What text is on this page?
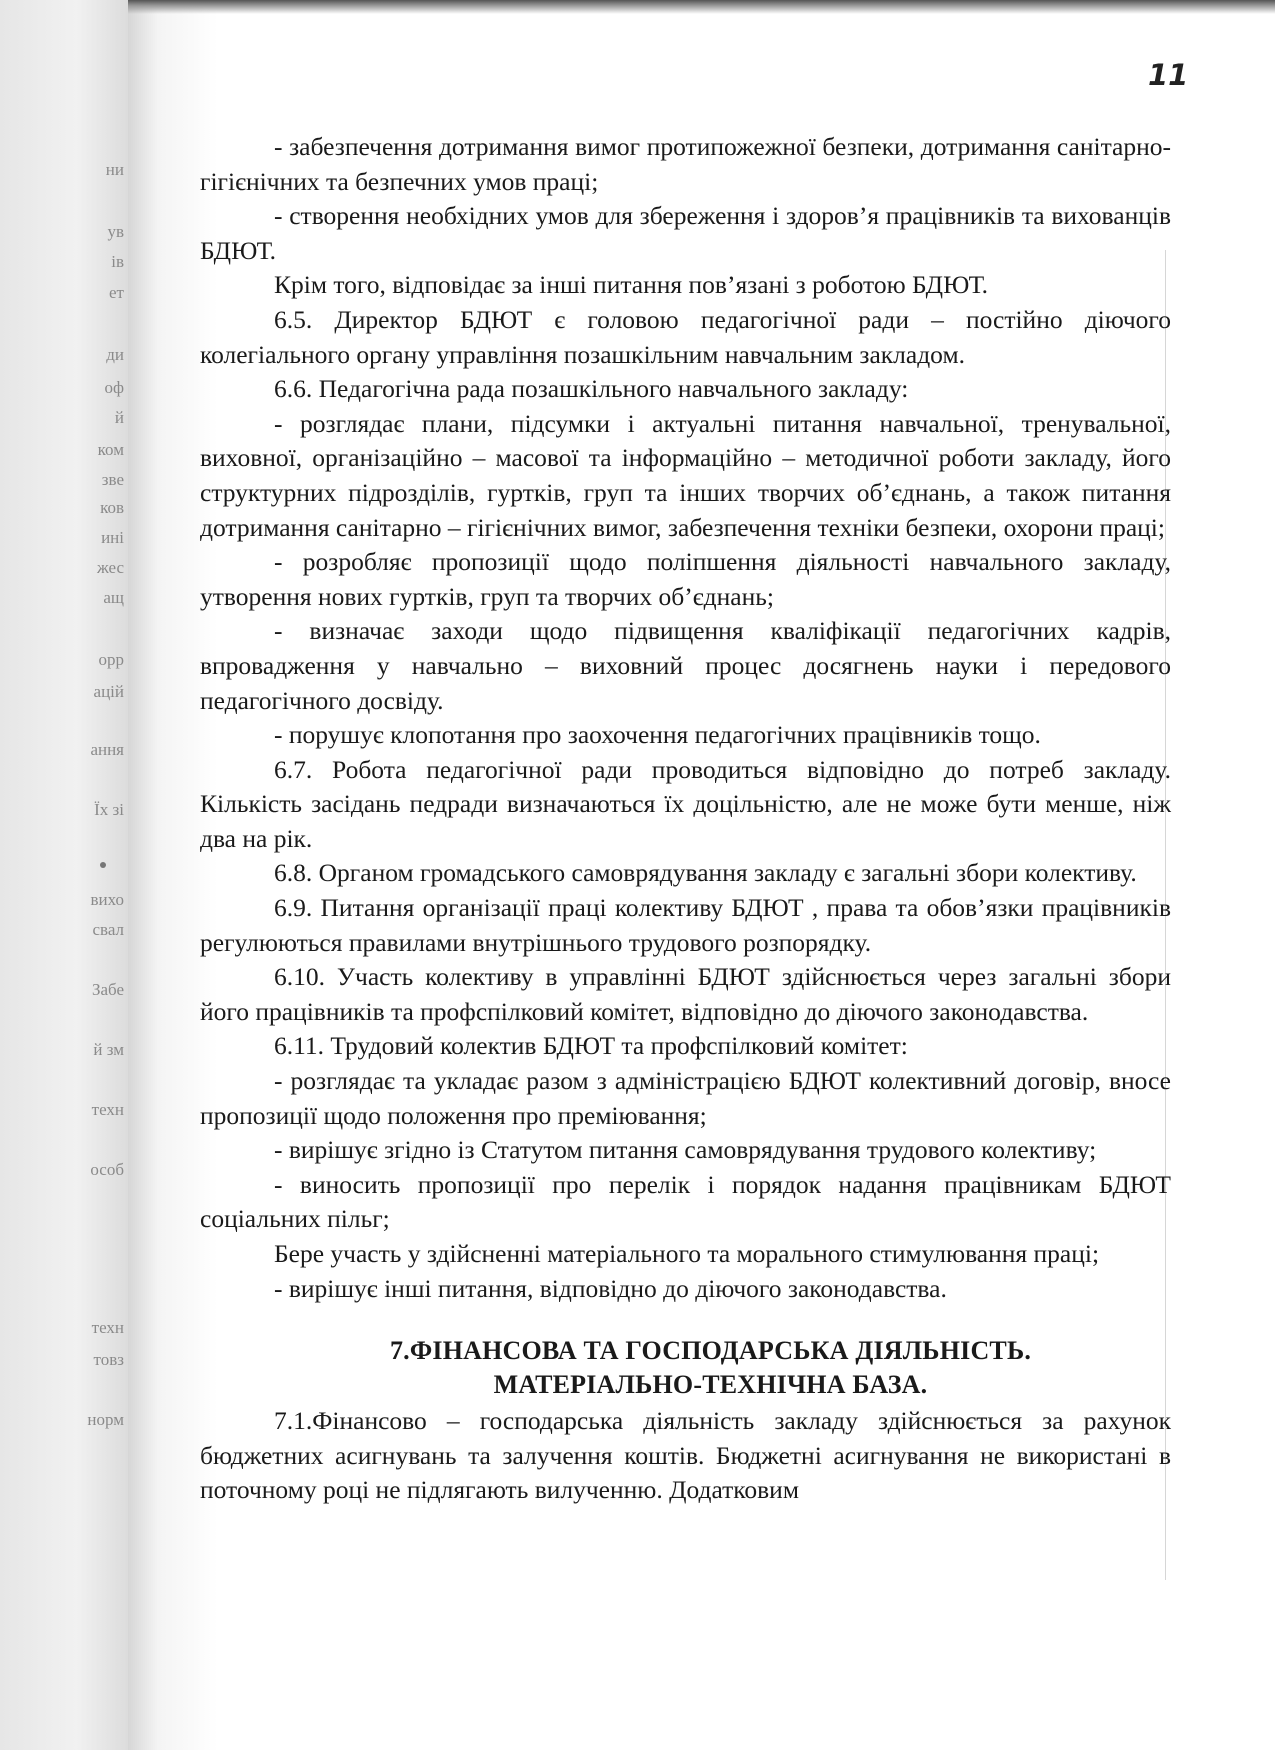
ни
ув
ів
ет
ди
оф
й
ком
зве
ков
ині
жес
ащ
орр
ацій
ання
Їх зі
вихо
свал
Забе
й зм
техн
особ
техн
товз
норм
11

- забезпечення дотримання вимог протипожежної безпеки, дотримання санітарно-гігієнічних та безпечних умов праці;

- створення необхідних умов для збереження і здоров’я працівників та вихованців БДЮТ.

Крім того, відповідає за інші питання пов’язані з роботою БДЮТ.

6.5. Директор БДЮТ є головою педагогічної ради – постійно діючого колегіального органу управління позашкільним навчальним закладом.

6.6. Педагогічна рада позашкільного навчального закладу:

- розглядає плани, підсумки і актуальні питання навчальної, тренувальної, виховної, організаційно – масової та інформаційно – методичної роботи закладу, його структурних підрозділів, гуртків, груп та інших творчих об’єднань, а також питання дотримання санітарно – гігієнічних вимог, забезпечення техніки безпеки, охорони праці;

- розробляє пропозиції щодо поліпшення діяльності навчального закладу, утворення нових гуртків, груп та творчих об’єднань;

- визначає заходи щодо підвищення кваліфікації педагогічних кадрів, впровадження у навчально – виховний процес досягнень науки і передового педагогічного досвіду.

- порушує клопотання про заохочення педагогічних працівників тощо.

6.7. Робота педагогічної ради проводиться відповідно до потреб закладу. Кількість засідань педради визначаються їх доцільністю, але не може бути менше, ніж два на рік.

6.8. Органом громадського самоврядування закладу є загальні збори колективу.

6.9. Питання організації праці колективу БДЮТ , права та обов’язки працівників регулюються правилами внутрішнього трудового розпорядку.

6.10. Участь колективу в управлінні БДЮТ здійснюється через загальні збори його працівників та профспілковий комітет, відповідно до діючого законодавства.

6.11. Трудовий колектив БДЮТ та профспілковий комітет:

- розглядає та укладає разом з адміністрацією БДЮТ колективний договір, вносе пропозиції щодо положення про преміювання;

- вирішує згідно із Статутом питання самоврядування трудового колективу;

- виносить пропозиції про перелік і порядок надання працівникам БДЮТ соціальних пільг;

Бере участь у здійсненні матеріального та морального стимулювання праці;

- вирішує інші питання, відповідно до діючого законодавства.

7.ФІНАНСОВА ТА ГОСПОДАРСЬКА ДІЯЛЬНІСТЬ.
МАТЕРІАЛЬНО-ТЕХНІЧНА БАЗА.

7.1.Фінансово – господарська діяльність закладу здійснюється за рахунок бюджетних асигнувань та залучення коштів. Бюджетні асигнування не використані в поточному році не підлягають вилученню. Додатковим
